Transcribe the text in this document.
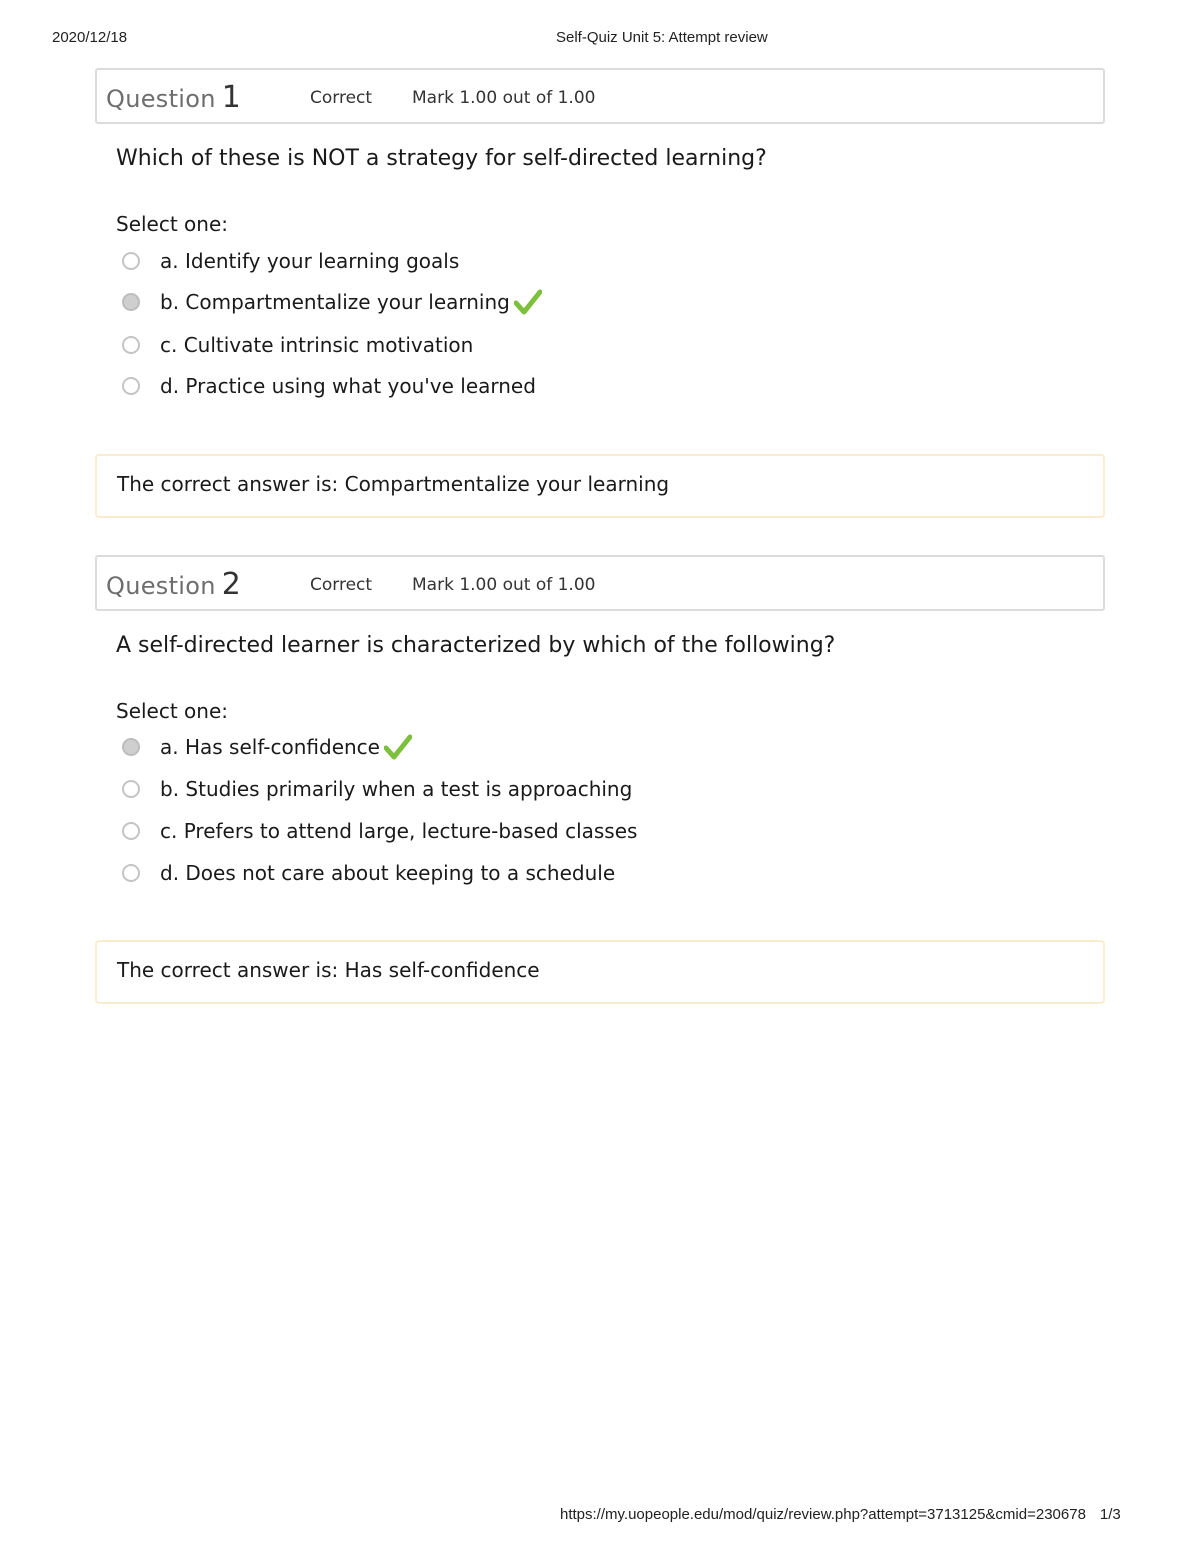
2020/12/18	Self-Quiz Unit 5: Attempt review
Question 1	Correct Mark 1.00 out of 1.00
Which of these is NOT a strategy for self-directed learning?
Select one:
a. Identify your learning goals
b. Compartmentalize your learning
c. Cultivate intrinsic motivation
d. Practice using what you've learned
The correct answer is: Compartmentalize your learning
Question 2	Correct Mark 1.00 out of 1.00
A self-directed learner is characterized by which of the following?
Select one:
a. Has self-confidence
b. Studies primarily when a test is approaching
c. Prefers to attend large, lecture-based classes
d. Does not care about keeping to a schedule
The correct answer is: Has self-confidence
https://my.uopeople.edu/mod/quiz/review.php?attempt=3713125&cmid=230678 1/3
